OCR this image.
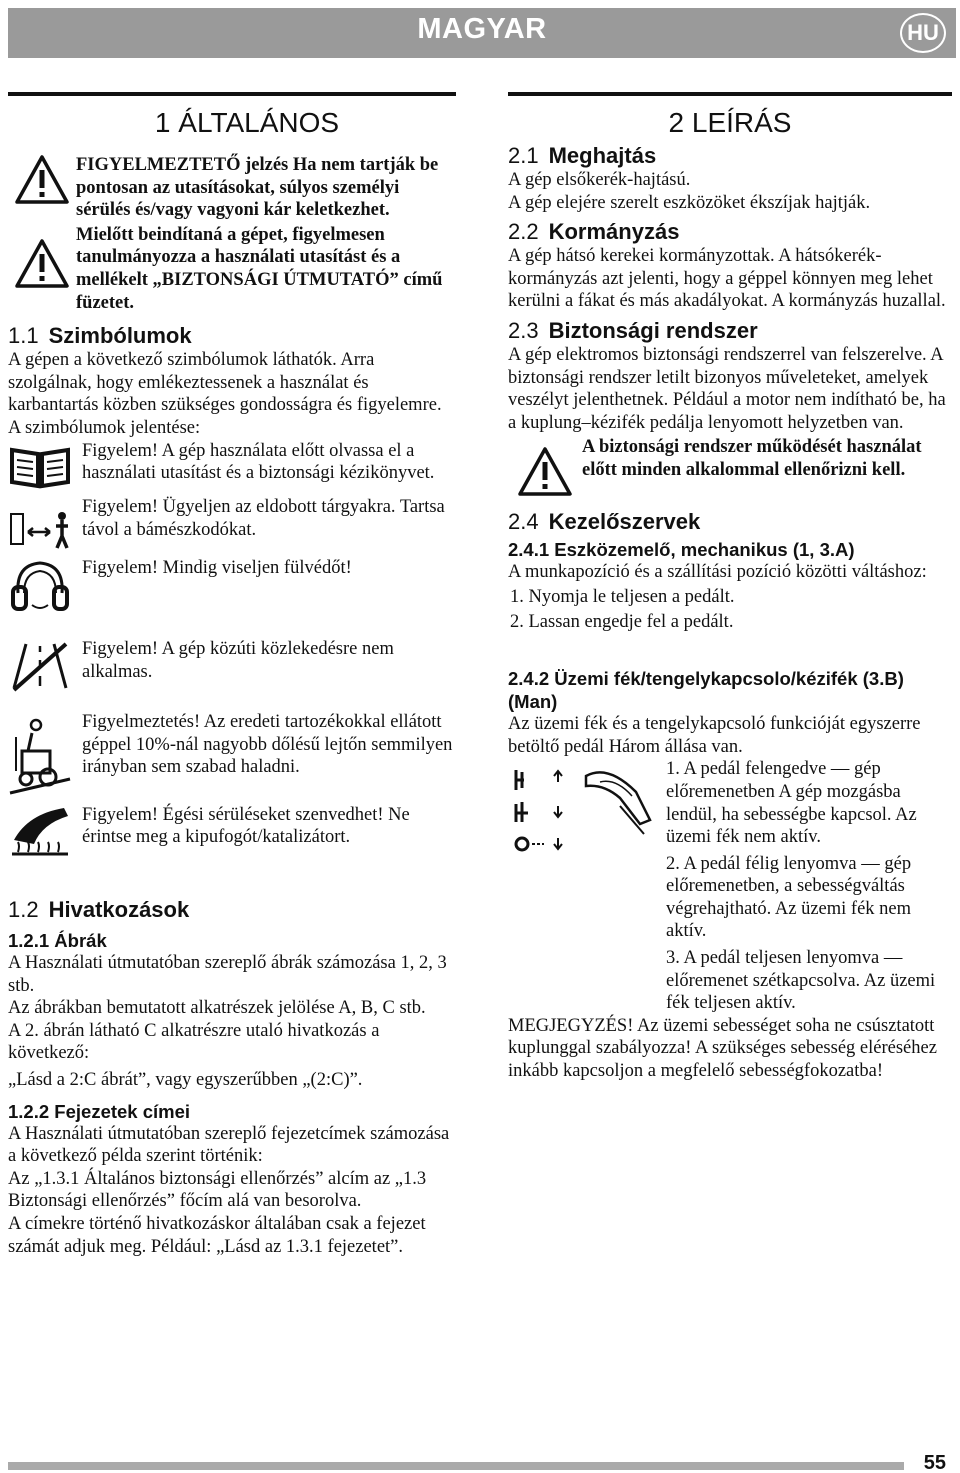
MAGYAR	HU
1 ÁLTALÁNOS

FIGYELMEZTETŐ jelzés Ha nem tartják be pontosan az utasításokat, súlyos személyi sérülés és/vagy vagyoni kár keletkezhet.

Mielőtt beindítaná a gépet, figyelmesen tanulmányozza a használati utasítást és a mellékelt „BIZTONSÁGI ÚTMUTATÓ” című füzetet.

1.1 Szimbólumok

A gépen a következő szimbólumok láthatók. Arra szolgálnak, hogy emlékeztessenek a használat és karbantartás közben szükséges gondosságra és figyelemre.

A szimbólumok jelentése:

Figyelem! A gép használata előtt olvassa el a használati utasítást és a biztonsági kézikönyvet.

Figyelem! Ügyeljen az eldobott tárgyakra. Tartsa távol a bámészkodókat.

Figyelem! Mindig viseljen fülvédőt!

Figyelem! A gép közúti közlekedésre nem alkalmas.

Figyelmeztetés! Az eredeti tartozékokkal ellátott géppel 10%-nál nagyobb dőlésű lejtőn semmilyen irányban sem szabad haladni.

Figyelem! Égési sérüléseket szenvedhet! Ne érintse meg a kipufogót/katalizátort.

1.2 Hivatkozások
1.2.1 Ábrák

A Használati útmutatóban szereplő ábrák számozása 1, 2, 3 stb.

Az ábrákban bemutatott alkatrészek jelölése A, B, C stb.

A 2. ábrán látható C alkatrészre utaló hivatkozás a következő:

„Lásd a 2:C ábrát”, vagy egyszerűbben „(2:C)”.

1.2.2 Fejezetek címei

A Használati útmutatóban szereplő fejezetcímek számozása a következő példa szerint történik:

Az „1.3.1 Általános biztonsági ellenőrzés” alcím az „1.3 Biztonsági ellenőrzés” főcím alá van besorolva.

A címekre történő hivatkozáskor általában csak a fejezet számát adjuk meg. Például: „Lásd az 1.3.1 fejezetet”.

2 LEÍRÁS
2.1 Meghajtás

A gép elsőkerék-hajtású.

A gép elejére szerelt eszközöket ékszíjak hajtják.

2.2 Kormányzás

A gép hátsó kerekei kormányzottak. A hátsókerék-kormányzás azt jelenti, hogy a géppel könnyen meg lehet kerülni a fákat és más akadályokat. A kormányzás huzallal.

2.3 Biztonsági rendszer

A gép elektromos biztonsági rendszerrel van felszerelve. A biztonsági rendszer letilt bizonyos műveleteket, amelyek veszélyt jelenthetnek. Például a motor nem indítható be, ha a kuplung–kézifék pedálja lenyomott helyzetben van.

A biztonsági rendszer működését használat előtt minden alkalommal ellenőrizni kell.

2.4 Kezelőszervek
2.4.1 Eszközemelő, mechanikus (1, 3.A)

A munkapozíció és a szállítási pozíció közötti váltáshoz:

1. Nyomja le teljesen a pedált.

2. Lassan engedje fel a pedált.

2.4.2 Üzemi fék/tengelykapcsolo/kézifék (3.B) (Man)

Az üzemi fék és a tengelykapcsoló funkcióját egyszerre betöltő pedál Három állása van.

1. A pedál felengedve — gép előremenetben A gép mozgásba lendül, ha sebességbe kapcsol. Az üzemi fék nem aktív.

2. A pedál félig lenyomva — gép előremenetben, a sebességváltás végrehajtható. Az üzemi fék nem aktív.

3. A pedál teljesen lenyomva — előremenet szétkapcsolva. Az üzemi fék teljesen aktív.

MEGJEGYZÉS! Az üzemi sebességet soha ne csúsztatott kuplunggal szabályozza! A szükséges sebesség eléréséhez inkább kapcsoljon a megfelelő sebességfokozatba!

55
